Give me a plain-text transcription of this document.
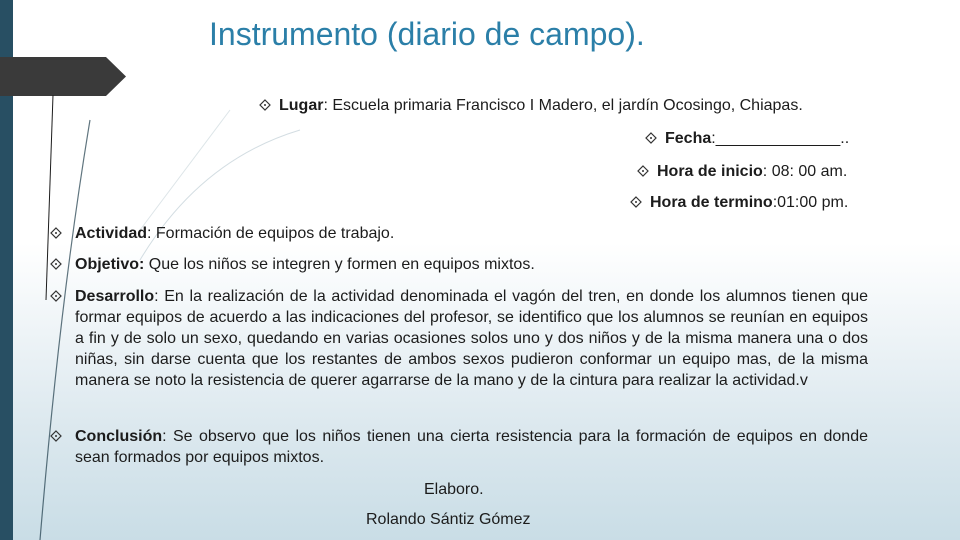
Instrumento (diario de campo).
Lugar: Escuela primaria Francisco I Madero, el jardín Ocosingo, Chiapas.
Fecha:______________..
Hora de inicio: 08: 00 am.
Hora de termino:01:00 pm.
Actividad: Formación de equipos de trabajo.
Objetivo: Que los niños se integren y formen en equipos mixtos.
Desarrollo: En la realización de la actividad denominada el vagón del tren, en donde los alumnos tienen que formar equipos de acuerdo a las indicaciones del profesor, se identifico que los alumnos se reunían en equipos a fin y de solo un sexo, quedando en varias ocasiones solos uno y dos niños y de la misma manera una o dos niñas, sin darse cuenta que los restantes de ambos sexos pudieron conformar un equipo mas, de la misma manera se noto la resistencia de querer agarrarse de la mano y de la cintura para realizar la actividad.v
Conclusión: Se observo que los niños tienen una cierta resistencia para la formación de equipos en donde sean formados por equipos mixtos.
Elaboro.
Rolando Sántiz Gómez
